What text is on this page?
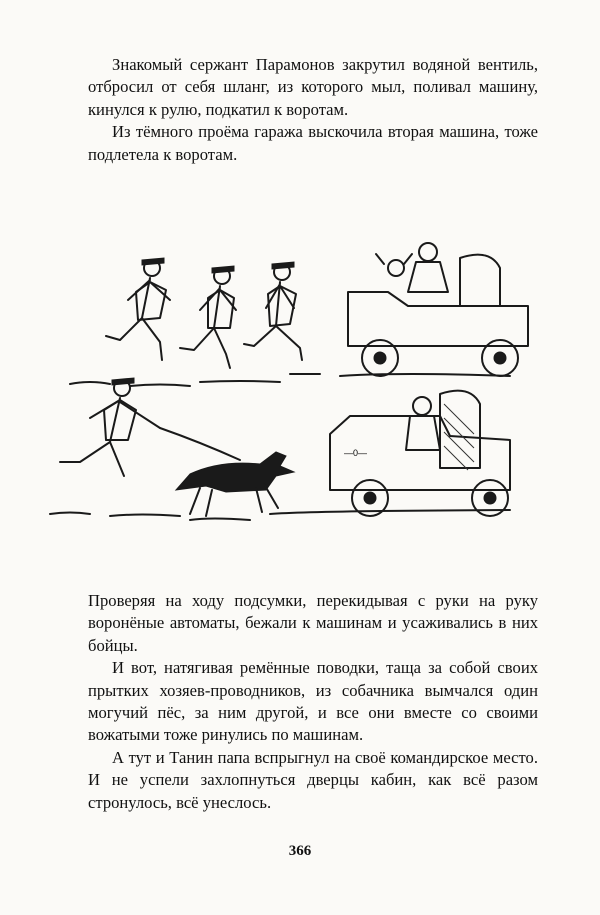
Знакомый сержант Парамонов закрутил водяной вентиль, отбросил от себя шланг, из которого мыл, поливал машину, кинулся к рулю, подкатил к воротам.

Из тёмного проёма гаража выскочила вторая машина, тоже подлетела к воротам.

—0—

Проверяя на ходу подсумки, перекидывая с руки на руку воронёные автоматы, бежали к машинам и усаживались в них бойцы.

И вот, натягивая ремённые поводки, таща за собой своих прытких хозяев-проводников, из собачника вымчался один могучий пёс, за ним другой, и все они вместе со своими вожатыми тоже ринулись по машинам.

А тут и Танин папа вспрыгнул на своё командирское место. И не успели захлопнуться дверцы кабин, как всё разом стронулось, всё унеслось.

366
